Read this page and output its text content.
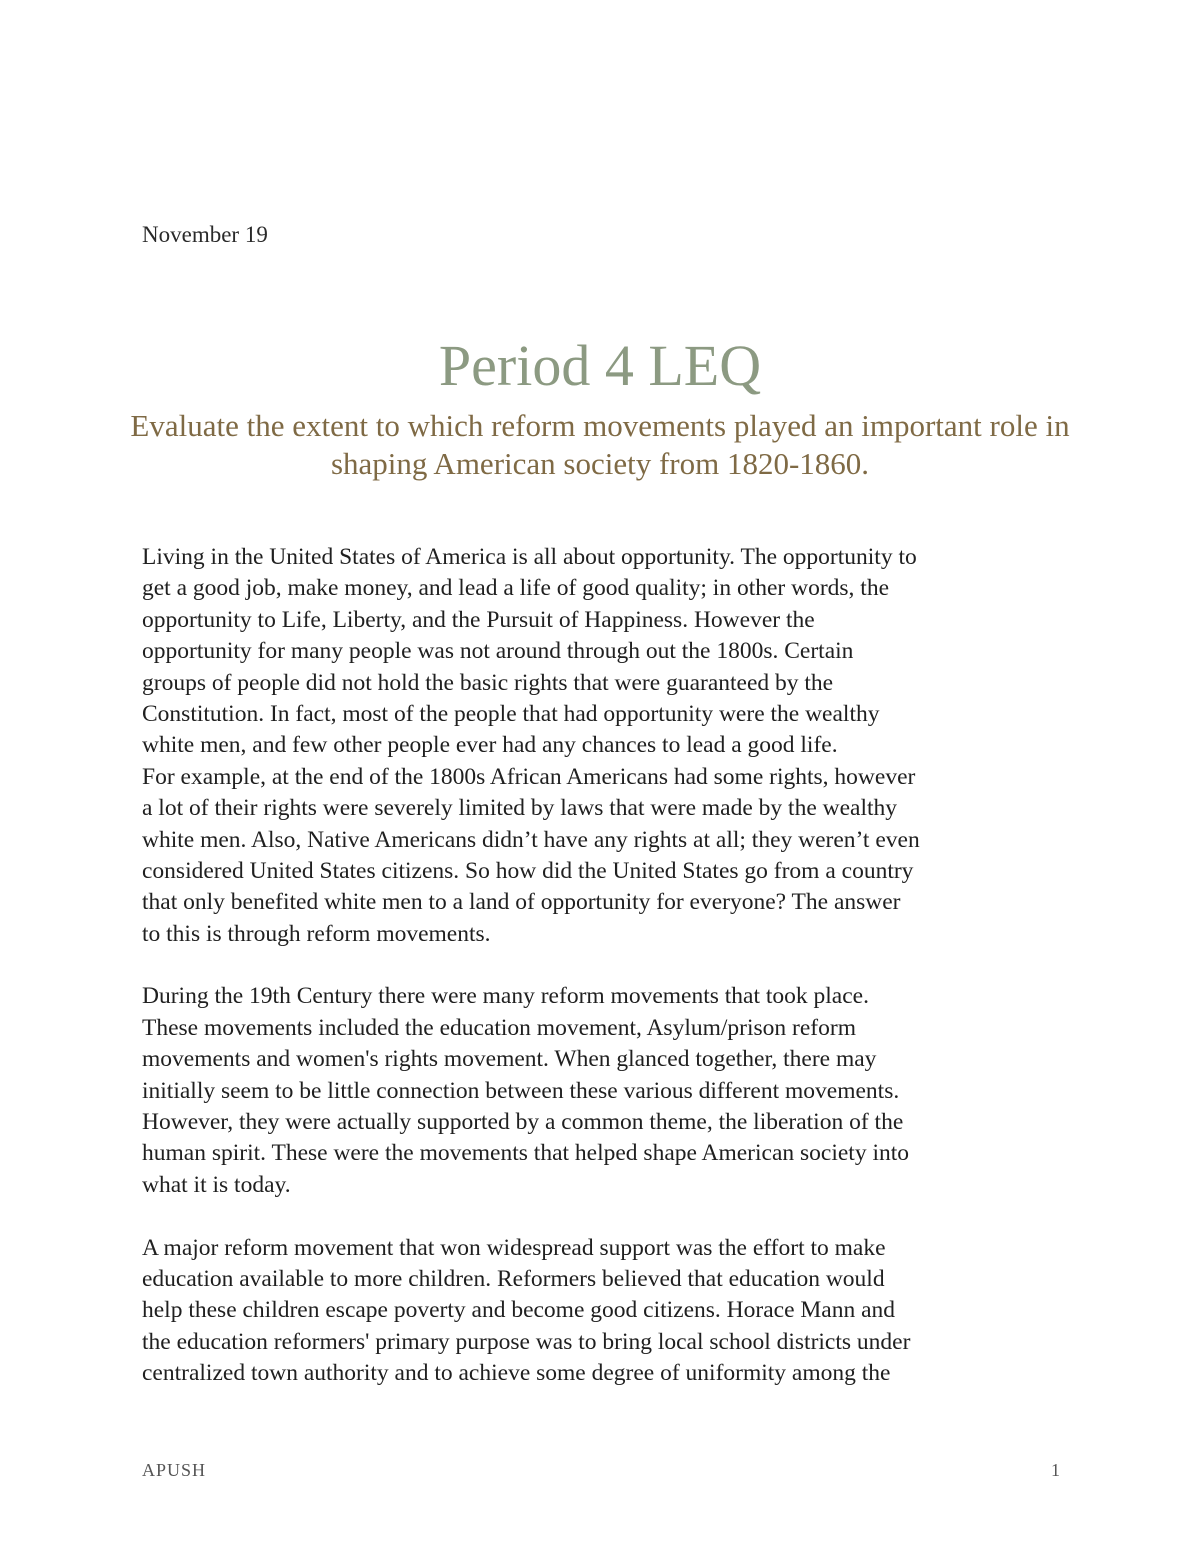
November 19
Period 4 LEQ
Evaluate the extent to which reform movements played an important role in shaping American society from 1820-1860.
Living in the United States of America is all about opportunity. The opportunity to
get a good job, make money, and lead a life of good quality; in other words, the
opportunity to Life, Liberty, and the Pursuit of Happiness. However the
opportunity for many people was not around through out the 1800s. Certain
groups of people did not hold the basic rights that were guaranteed by the
Constitution. In fact, most of the people that had opportunity were the wealthy
white men, and few other people ever had any chances to lead a good life.
For example, at the end of the 1800s African Americans had some rights, however
a lot of their rights were severely limited by laws that were made by the wealthy
white men. Also, Native Americans didn’t have any rights at all; they weren’t even
considered United States citizens. So how did the United States go from a country
that only benefited white men to a land of opportunity for everyone? The answer
to this is through reform movements.
During the 19th Century there were many reform movements that took place.
These movements included the education movement, Asylum/prison reform
movements and women's rights movement. When glanced together, there may
initially seem to be little connection between these various different movements.
However, they were actually supported by a common theme, the liberation of the
human spirit. These were the movements that helped shape American society into
what it is today.
A major reform movement that won widespread support was the effort to make
education available to more children. Reformers believed that education would
help these children escape poverty and become good citizens. Horace Mann and
the education reformers' primary purpose was to bring local school districts under
centralized town authority and to achieve some degree of uniformity among the
APUSH	1
